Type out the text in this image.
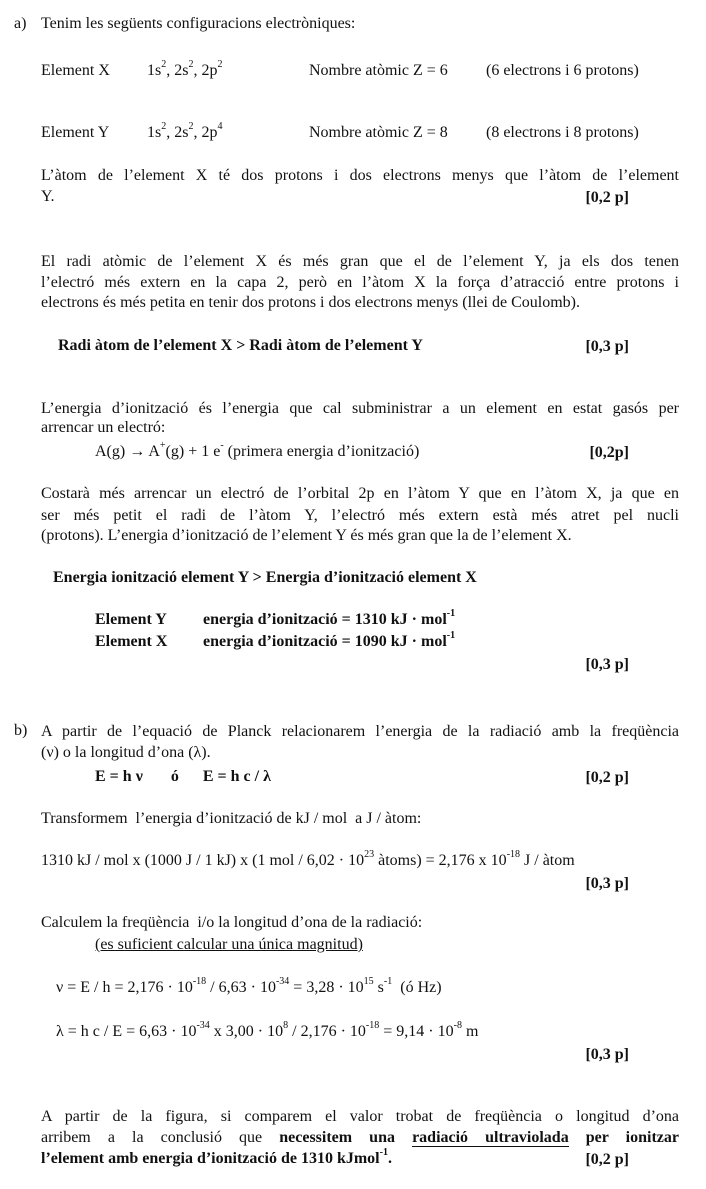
a) Tenim les següents configuracions electròniques:
Element X $1s^2$, $2s^2$, $2p^2$	Nombre atòmic Z = 6 (6 electrons i 6 protons)
Element Y $1s^2$, $2s^2$, $2p^4$	Nombre atòmic Z = 8 (8 electrons i 8 protons)
L’àtom de l’element X té dos protons i dos electrons menys que l’àtom de l’element
Y.	[0,2 p]
El radi atòmic de l’element X és més gran que el de l’element Y, ja els dos tenen
l’electró més extern en la capa 2, però en l’àtom X la força d’atracció entre protons i
electrons és més petita en tenir dos protons i dos electrons menys (llei de Coulomb).
Radi àtom de l’element X > Radi àtom de l’element Y	[0,3 p]
L’energia d’ionització és l’energia que cal subministrar a un element en estat gasós per
arrencar un electró:
A(g) → A+(g) + 1 e- (primera energia d’ionització)	[0,2p]
Costarà més arrencar un electró de l’orbital 2p en l’àtom Y que en l’àtom X, ja que en
ser més petit el radi de l’àtom Y, l’electró més extern està més atret pel nucli
(protons). L’energia d’ionització de l’element Y és més gran que la de l’element X.
Energia ionització element Y > Energia d’ionització element X
Element Y energia d’ionització = 1310 kJ · mol$^{-1}$
Element X energia d’ionització = 1090 kJ · mol$^{-1}$
[0,3 p]
b) A partir de l’equació de Planck relacionarem l’energia de la radiació amb la freqüència
(ν) o la longitud d’ona (λ).
E = h ν       ó      E = h c / λ	[0,2 p]
Transformem  l’energia d’ionització de kJ / mol  a J / àtom:
1310 kJ / mol x (1000 J / 1 kJ) x (1 mol / $6,02 \cdot 10^{23}$ àtoms) = 2,176 x $10^{-18}$ J / àtom
[0,3 p]
Calculem la freqüència  i/o la longitud d’ona de la radiació:
(es suficient calcular una única magnitud)
$\nu = E / h = 2,176 \cdot 10^{-18} / 6,63 \cdot 10^{-34} = 3,28 \cdot 10^{15}$ $s^{-1}$  (ó Hz)
λ = h $c / E = 6,63 \cdot 10^{-34}$ x $3,00 \cdot 10^8 / 2,176 \cdot 10^{-18} = 9,14 \cdot 10^{-8}$ m
[0,3 p]
A partir de la figura, si comparem el valor trobat de freqüència o longitud d’ona
arribem a la conclusió que necessitem una radiació ultraviolada per ionitzar
l’element amb energia d’ionització de 1310 kJmol$^{-1}$.	[0,2 p]
